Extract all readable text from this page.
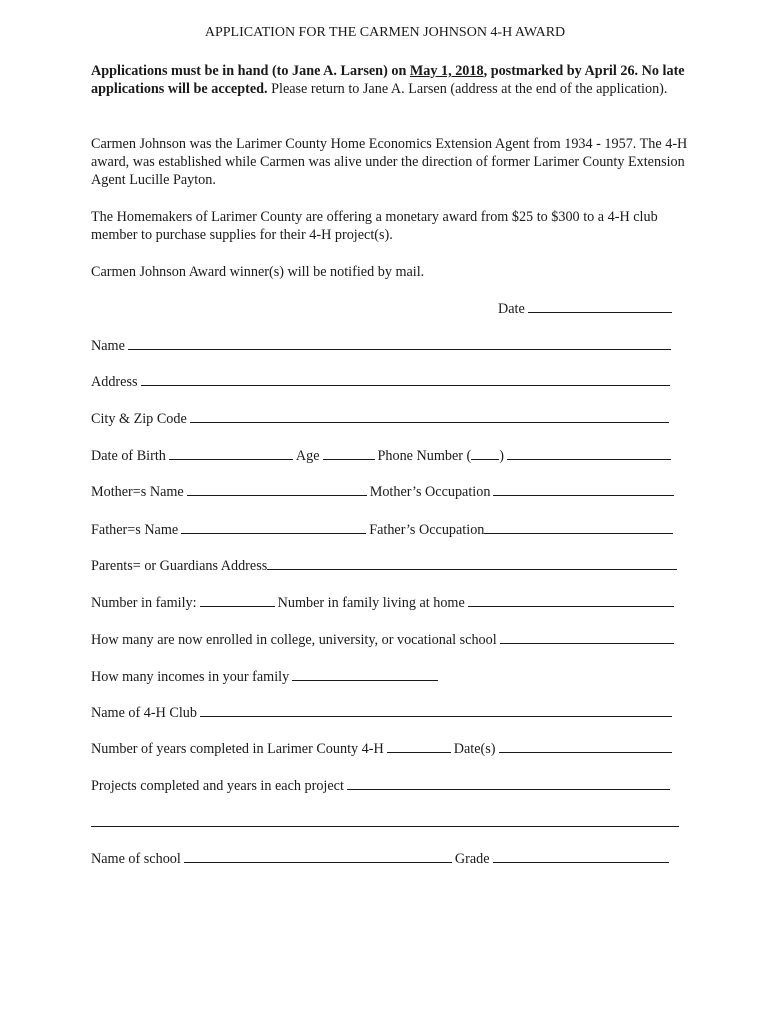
APPLICATION FOR THE CARMEN JOHNSON 4-H AWARD
Applications must be in hand (to Jane A. Larsen) on May 1, 2018, postmarked by April 26. No late applications will be accepted. Please return to Jane A. Larsen (address at the end of the application).
Carmen Johnson was the Larimer County Home Economics Extension Agent from 1934 - 1957. The 4-H award, was established while Carmen was alive under the direction of former Larimer County Extension Agent Lucille Payton.
The Homemakers of Larimer County are offering a monetary award from $25 to $300 to a 4-H club member to purchase supplies for their 4-H project(s).
Carmen Johnson Award winner(s) will be notified by mail.
Date
Name
Address
City & Zip Code
Date of Birth	Age	Phone Number ( )
Mother=s Name	Mother’s Occupation
Father=s Name	Father’s Occupation
Parents= or Guardians Address
Number in family:	Number in family living at home
How many are now enrolled in college, university, or vocational school
How many incomes in your family
Name of 4-H Club
Number of years completed in Larimer County 4-H	Date(s)
Projects completed and years in each project
Name of school	Grade
